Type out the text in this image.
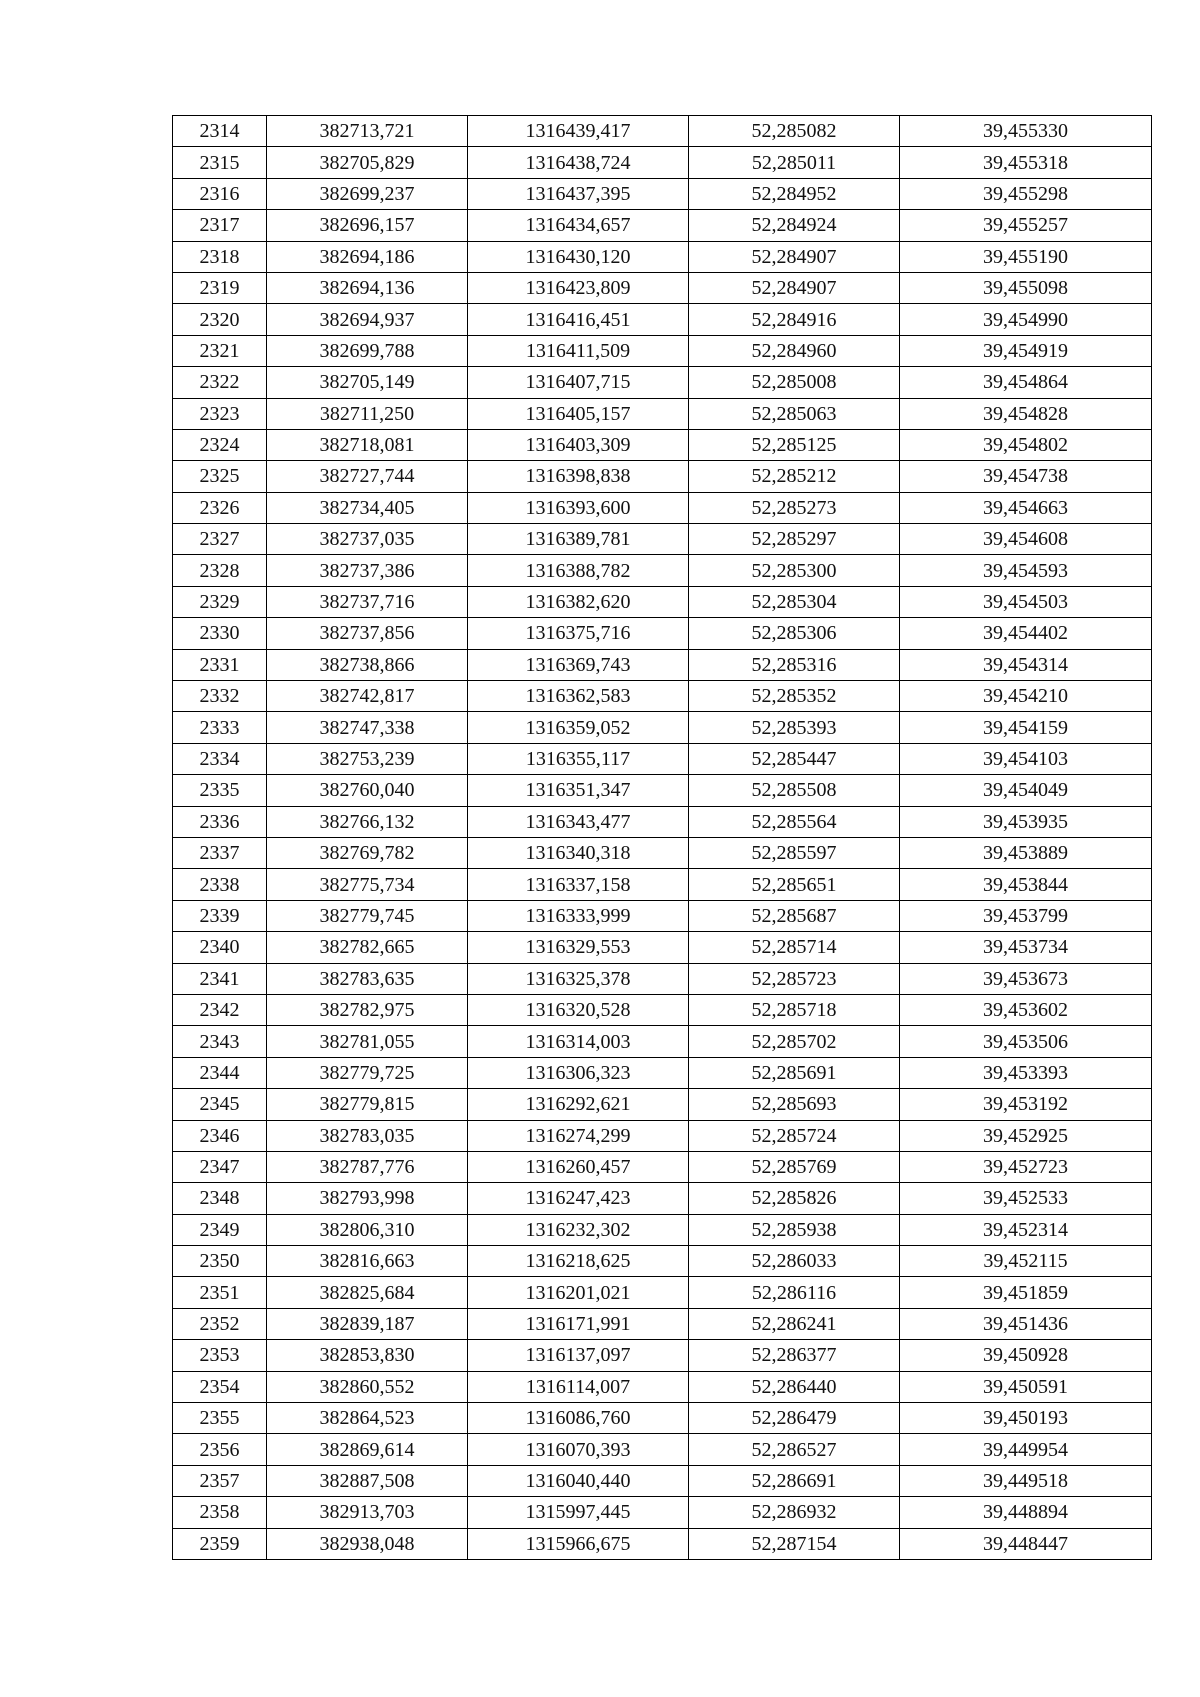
2314	382713,721	1316439,417	52,285082	39,455330
2315	382705,829	1316438,724	52,285011	39,455318
2316	382699,237	1316437,395	52,284952	39,455298
2317	382696,157	1316434,657	52,284924	39,455257
2318	382694,186	1316430,120	52,284907	39,455190
2319	382694,136	1316423,809	52,284907	39,455098
2320	382694,937	1316416,451	52,284916	39,454990
2321	382699,788	1316411,509	52,284960	39,454919
2322	382705,149	1316407,715	52,285008	39,454864
2323	382711,250	1316405,157	52,285063	39,454828
2324	382718,081	1316403,309	52,285125	39,454802
2325	382727,744	1316398,838	52,285212	39,454738
2326	382734,405	1316393,600	52,285273	39,454663
2327	382737,035	1316389,781	52,285297	39,454608
2328	382737,386	1316388,782	52,285300	39,454593
2329	382737,716	1316382,620	52,285304	39,454503
2330	382737,856	1316375,716	52,285306	39,454402
2331	382738,866	1316369,743	52,285316	39,454314
2332	382742,817	1316362,583	52,285352	39,454210
2333	382747,338	1316359,052	52,285393	39,454159
2334	382753,239	1316355,117	52,285447	39,454103
2335	382760,040	1316351,347	52,285508	39,454049
2336	382766,132	1316343,477	52,285564	39,453935
2337	382769,782	1316340,318	52,285597	39,453889
2338	382775,734	1316337,158	52,285651	39,453844
2339	382779,745	1316333,999	52,285687	39,453799
2340	382782,665	1316329,553	52,285714	39,453734
2341	382783,635	1316325,378	52,285723	39,453673
2342	382782,975	1316320,528	52,285718	39,453602
2343	382781,055	1316314,003	52,285702	39,453506
2344	382779,725	1316306,323	52,285691	39,453393
2345	382779,815	1316292,621	52,285693	39,453192
2346	382783,035	1316274,299	52,285724	39,452925
2347	382787,776	1316260,457	52,285769	39,452723
2348	382793,998	1316247,423	52,285826	39,452533
2349	382806,310	1316232,302	52,285938	39,452314
2350	382816,663	1316218,625	52,286033	39,452115
2351	382825,684	1316201,021	52,286116	39,451859
2352	382839,187	1316171,991	52,286241	39,451436
2353	382853,830	1316137,097	52,286377	39,450928
2354	382860,552	1316114,007	52,286440	39,450591
2355	382864,523	1316086,760	52,286479	39,450193
2356	382869,614	1316070,393	52,286527	39,449954
2357	382887,508	1316040,440	52,286691	39,449518
2358	382913,703	1315997,445	52,286932	39,448894
2359	382938,048	1315966,675	52,287154	39,448447
